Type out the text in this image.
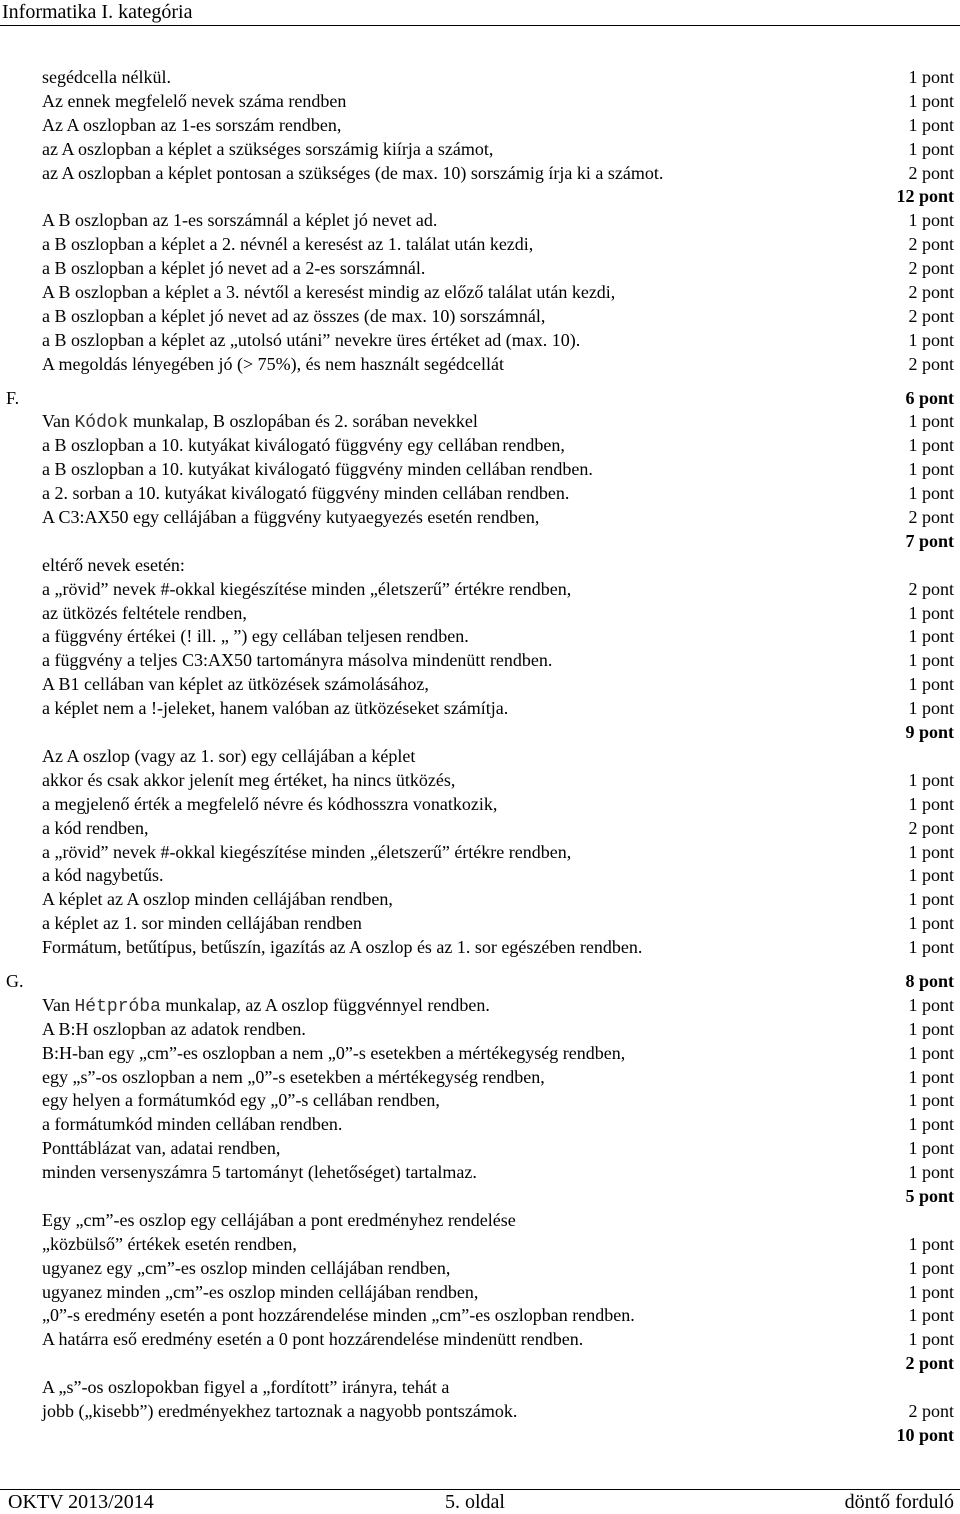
Informatika I. kategória
segédcella nélkül.	1 pont
Az ennek megfelelő nevek száma rendben	1 pont
Az A oszlopban az 1-es sorszám rendben,	1 pont
az A oszlopban a képlet a szükséges sorszámig kiírja a számot,	1 pont
az A oszlopban a képlet pontosan a szükséges (de max. 10) sorszámig írja ki a számot.	2 pont
12 pont
A B oszlopban az 1-es sorszámnál a képlet jó nevet ad.	1 pont
a B oszlopban a képlet a 2. névnél a keresést az 1. találat után kezdi,	2 pont
a B oszlopban a képlet jó nevet ad a 2-es sorszámnál.	2 pont
A B oszlopban a képlet a 3. névtől a keresést mindig az előző találat után kezdi,	2 pont
a B oszlopban a képlet jó nevet ad az összes (de max. 10) sorszámnál,	2 pont
a B oszlopban a képlet az „utolsó utáni” nevekre üres értéket ad (max. 10).	1 pont
A megoldás lényegében jó (> 75%), és nem használt segédcellát	2 pont
F.	6 pont
Van Kódok munkalap, B oszlopában és 2. sorában nevekkel	1 pont
a B oszlopban a 10. kutyákat kiválogató függvény egy cellában rendben,	1 pont
a B oszlopban a 10. kutyákat kiválogató függvény minden cellában rendben.	1 pont
a 2. sorban a 10. kutyákat kiválogató függvény minden cellában rendben.	1 pont
A C3:AX50 egy cellájában a függvény kutyaegyezés esetén rendben,	2 pont
7 pont
eltérő nevek esetén:
a „rövid” nevek #-okkal kiegészítése minden „életszerű” értékre rendben,	2 pont
az ütközés feltétele rendben,	1 pont
a függvény értékei (! ill. „ ”) egy cellában teljesen rendben.	1 pont
a függvény a teljes C3:AX50 tartományra másolva mindenütt rendben.	1 pont
A B1 cellában van képlet az ütközések számolásához,	1 pont
a képlet nem a !-jeleket, hanem valóban az ütközéseket számítja.	1 pont
9 pont
Az A oszlop (vagy az 1. sor) egy cellájában a képlet
akkor és csak akkor jelenít meg értéket, ha nincs ütközés,	1 pont
a megjelenő érték a megfelelő névre és kódhosszra vonatkozik,	1 pont
a kód rendben,	2 pont
a „rövid” nevek #-okkal kiegészítése minden „életszerű” értékre rendben,	1 pont
a kód nagybetűs.	1 pont
A képlet az A oszlop minden cellájában rendben,	1 pont
a képlet az 1. sor minden cellájában rendben	1 pont
Formátum, betűtípus, betűszín, igazítás az A oszlop és az 1. sor egészében rendben.	1 pont
G.	8 pont
Van Hétpróba munkalap, az A oszlop függvénnyel rendben.	1 pont
A B:H oszlopban az adatok rendben.	1 pont
B:H-ban egy „cm”-es oszlopban a nem „0”-s esetekben a mértékegység rendben,	1 pont
egy „s”-os oszlopban a nem „0”-s esetekben a mértékegység rendben,	1 pont
egy helyen a formátumkód egy „0”-s cellában rendben,	1 pont
a formátumkód minden cellában rendben.	1 pont
Ponttáblázat van, adatai rendben,	1 pont
minden versenyszámra 5 tartományt (lehetőséget) tartalmaz.	1 pont
5 pont
Egy „cm”-es oszlop egy cellájában a pont eredményhez rendelése
„közbülső” értékek esetén rendben,	1 pont
ugyanez egy „cm”-es oszlop minden cellájában rendben,	1 pont
ugyanez minden „cm”-es oszlop minden cellájában rendben,	1 pont
„0”-s eredmény esetén a pont hozzárendelése minden „cm”-es oszlopban rendben.	1 pont
A határra eső eredmény esetén a 0 pont hozzárendelése mindenütt rendben.	1 pont
2 pont
A „s”-os oszlopokban figyel a „fordított” irányra, tehát a
jobb („kisebb”) eredményekhez tartoznak a nagyobb pontszámok.	2 pont
10 pont
OKTV 2013/2014	5. oldal	döntő forduló
